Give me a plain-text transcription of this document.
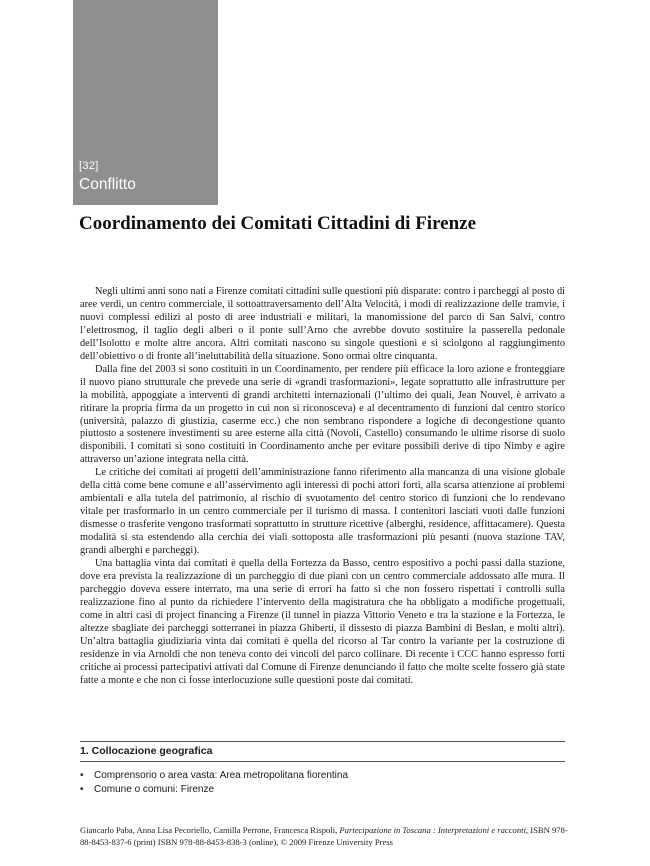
[32]
Conflitto
Coordinamento dei Comitati Cittadini di Firenze

Negli ultimi anni sono nati a Firenze comitati cittadini sulle questioni più disparate: contro i parcheggi al posto di aree verdi, un centro commerciale, il sottoattraversamento dell’Alta Velocità, i modi di realizzazione delle tramvie, i nuovi complessi edilizi al posto di aree industriali e militari, la manomissione del parco di San Salvi, contro l’elettrosmog, il taglio degli alberi o il ponte sull’Arno che avrebbe dovuto sostituire la passerella pedonale dell’Isolotto e molte altre ancora. Altri comitati nascono su singole questioni e si sciolgono al raggiungimento dell’obiettivo o di fronte all’ineluttabilità della situazione. Sono ormai oltre cinquanta.

Dalla fine del 2003 si sono costituiti in un Coordinamento, per rendere più efficace la loro azione e fronteggiare il nuovo piano strutturale che prevede una serie di «grandi trasformazioni», legate soprattutto alle infrastrutture per la mobilità, appoggiate a interventi di grandi architetti internazionali (l’ultimo dei quali, Jean Nouvel, è arrivato a ritirare la propria firma da un progetto in cui non si riconosceva) e al decentramento di funzioni dal centro storico (università, palazzo di giustizia, caserme ecc.) che non sembrano rispondere a logiche di decongestione quanto piuttosto a sostenere investimenti su aree esterne alla città (Novoli, Castello) consumando le ultime risorse di suolo disponibili. I comitati si sono costituiti in Coordinamento anche per evitare possibili derive di tipo Nimby e agire attraverso un’azione integrata nella città.

Le critiche dei comitati ai progetti dell’amministrazione fanno riferimento alla mancanza di una visione globale della città come bene comune e all’asservimento agli interessi di pochi attori forti, alla scarsa attenzione ai problemi ambientali e alla tutela del patrimonio, al rischio di svuotamento del centro storico di funzioni che lo rendevano vitale per trasformarlo in un centro commerciale per il turismo di massa. I contenitori lasciati vuoti dalle funzioni dismesse o trasferite vengono trasformati soprattutto in strutture ricettive (alberghi, residence, affittacamere). Questa modalità si sta estendendo alla cerchia dei viali sottoposta alle trasformazioni più pesanti (nuova stazione TAV, grandi alberghi e parcheggi).

Una battaglia vinta dai comitati è quella della Fortezza da Basso, centro espositivo a pochi passi dalla stazione, dove era prevista la realizzazione di un parcheggio di due piani con un centro commerciale addossato alle mura. Il parcheggio doveva essere interrato, ma una serie di errori ha fatto sì che non fossero rispettati i controlli sulla realizzazione fino al punto da richiedere l’intervento della magistratura che ha obbligato a modifiche progettuali, come in altri casi di project financing a Firenze (il tunnel in piazza Vittorio Veneto e tra la stazione e la Fortezza, le altezze sbagliate dei parcheggi sotterranei in piazza Ghiberti, il dissesto di piazza Bambini di Beslan, e molti altri). Un’altra battaglia giudiziaria vinta dai comitati è quella del ricorso al Tar contro la variante per la costruzione di residenze in via Arnoldi che non teneva conto dei vincoli del parco collinare. Di recente i CCC hanno espresso forti critiche ai processi partecipativi attivati dal Comune di Firenze denunciando il fatto che molte scelte fossero già state fatte a monte e che non ci fosse interlocuzione sulle questioni poste dai comitati.

1. Collocazione geografica
•	Comprensorio o area vasta: Area metropolitana fiorentina
•	Comune o comuni: Firenze
Giancarlo Paba, Anna Lisa Pecoriello, Camilla Perrone, Francesca Rispoli, Partecipazione in Toscana : Interpretazioni e racconti, ISBN 978-88-8453-837-6 (print) ISBN 978-88-8453-838-3 (online), © 2009 Firenze University Press
